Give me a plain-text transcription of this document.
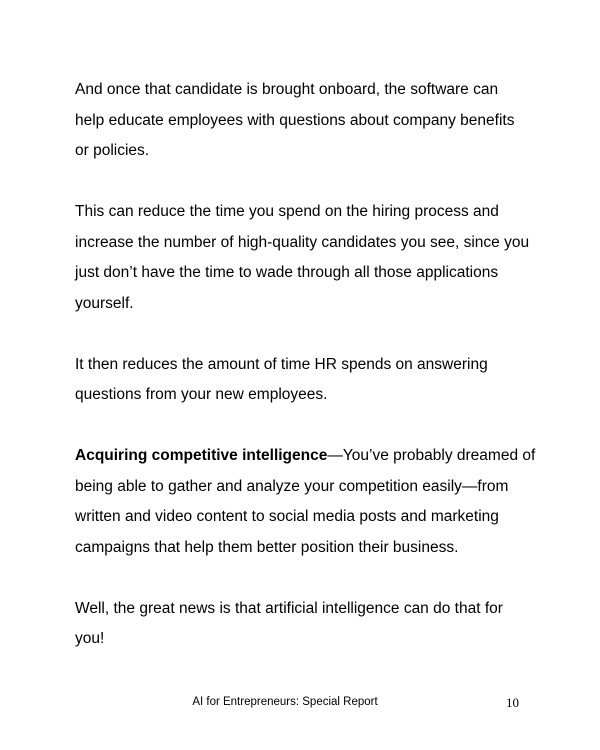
And once that candidate is brought onboard, the software can
help educate employees with questions about company benefits
or policies.

This can reduce the time you spend on the hiring process and
increase the number of high-quality candidates you see, since you
just don’t have the time to wade through all those applications
yourself.

It then reduces the amount of time HR spends on answering
questions from your new employees.

Acquiring competitive intelligence—You’ve probably dreamed of
being able to gather and analyze your competition easily—from
written and video content to social media posts and marketing
campaigns that help them better position their business.

Well, the great news is that artificial intelligence can do that for
you!

AI for Entrepreneurs: Special Report	10
